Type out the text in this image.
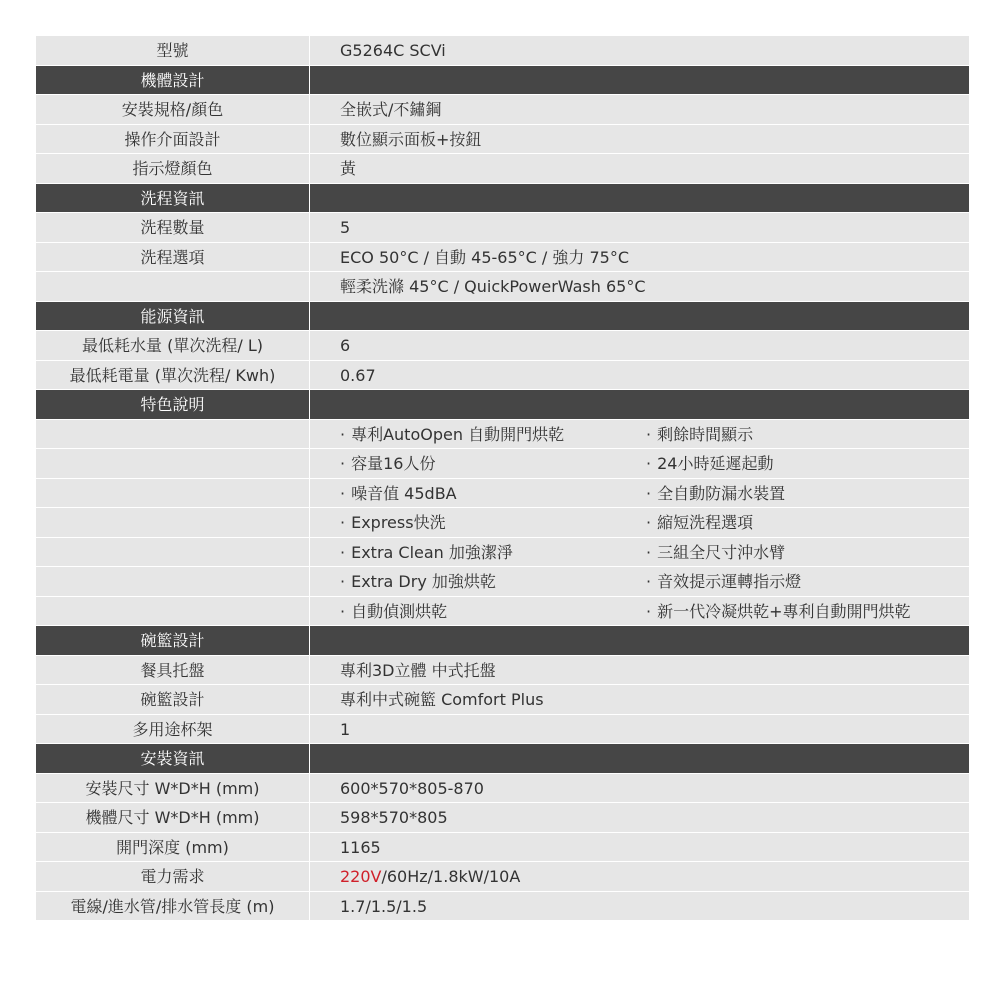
型號	G5264C SCVi
機體設計
安裝規格/顏色	全嵌式/不鏽鋼
操作介面設計	數位顯示面板+按鈕
指示燈顏色	黃
洗程資訊
洗程數量	5
洗程選項	ECO 50°C / 自動 45-65°C / 強力 75°C
輕柔洗滌 45°C / QuickPowerWash 65°C
能源資訊
最低耗水量 (單次洗程/ L)	6
最低耗電量 (單次洗程/ Kwh)	0.67
特色說明
· 專利AutoOpen 自動開門烘乾	· 剩餘時間顯示
· 容量16人份	· 24小時延遲起動
· 噪音值 45dBA	· 全自動防漏水裝置
· Express快洗	· 縮短洗程選項
· Extra Clean 加強潔淨	· 三組全尺寸沖水臂
· Extra Dry 加強烘乾	· 音效提示運轉指示燈
· 自動偵測烘乾	· 新一代冷凝烘乾+專利自動開門烘乾
碗籃設計
餐具托盤	專利3D立體 中式托盤
碗籃設計	專利中式碗籃 Comfort Plus
多用途杯架	1
安裝資訊
安裝尺寸 W*D*H (mm)	600*570*805-870
機體尺寸 W*D*H (mm)	598*570*805
開門深度 (mm)	1165
電力需求	220V /60Hz/1.8kW/10A
電線/進水管/排水管長度 (m)	1.7/1.5/1.5
